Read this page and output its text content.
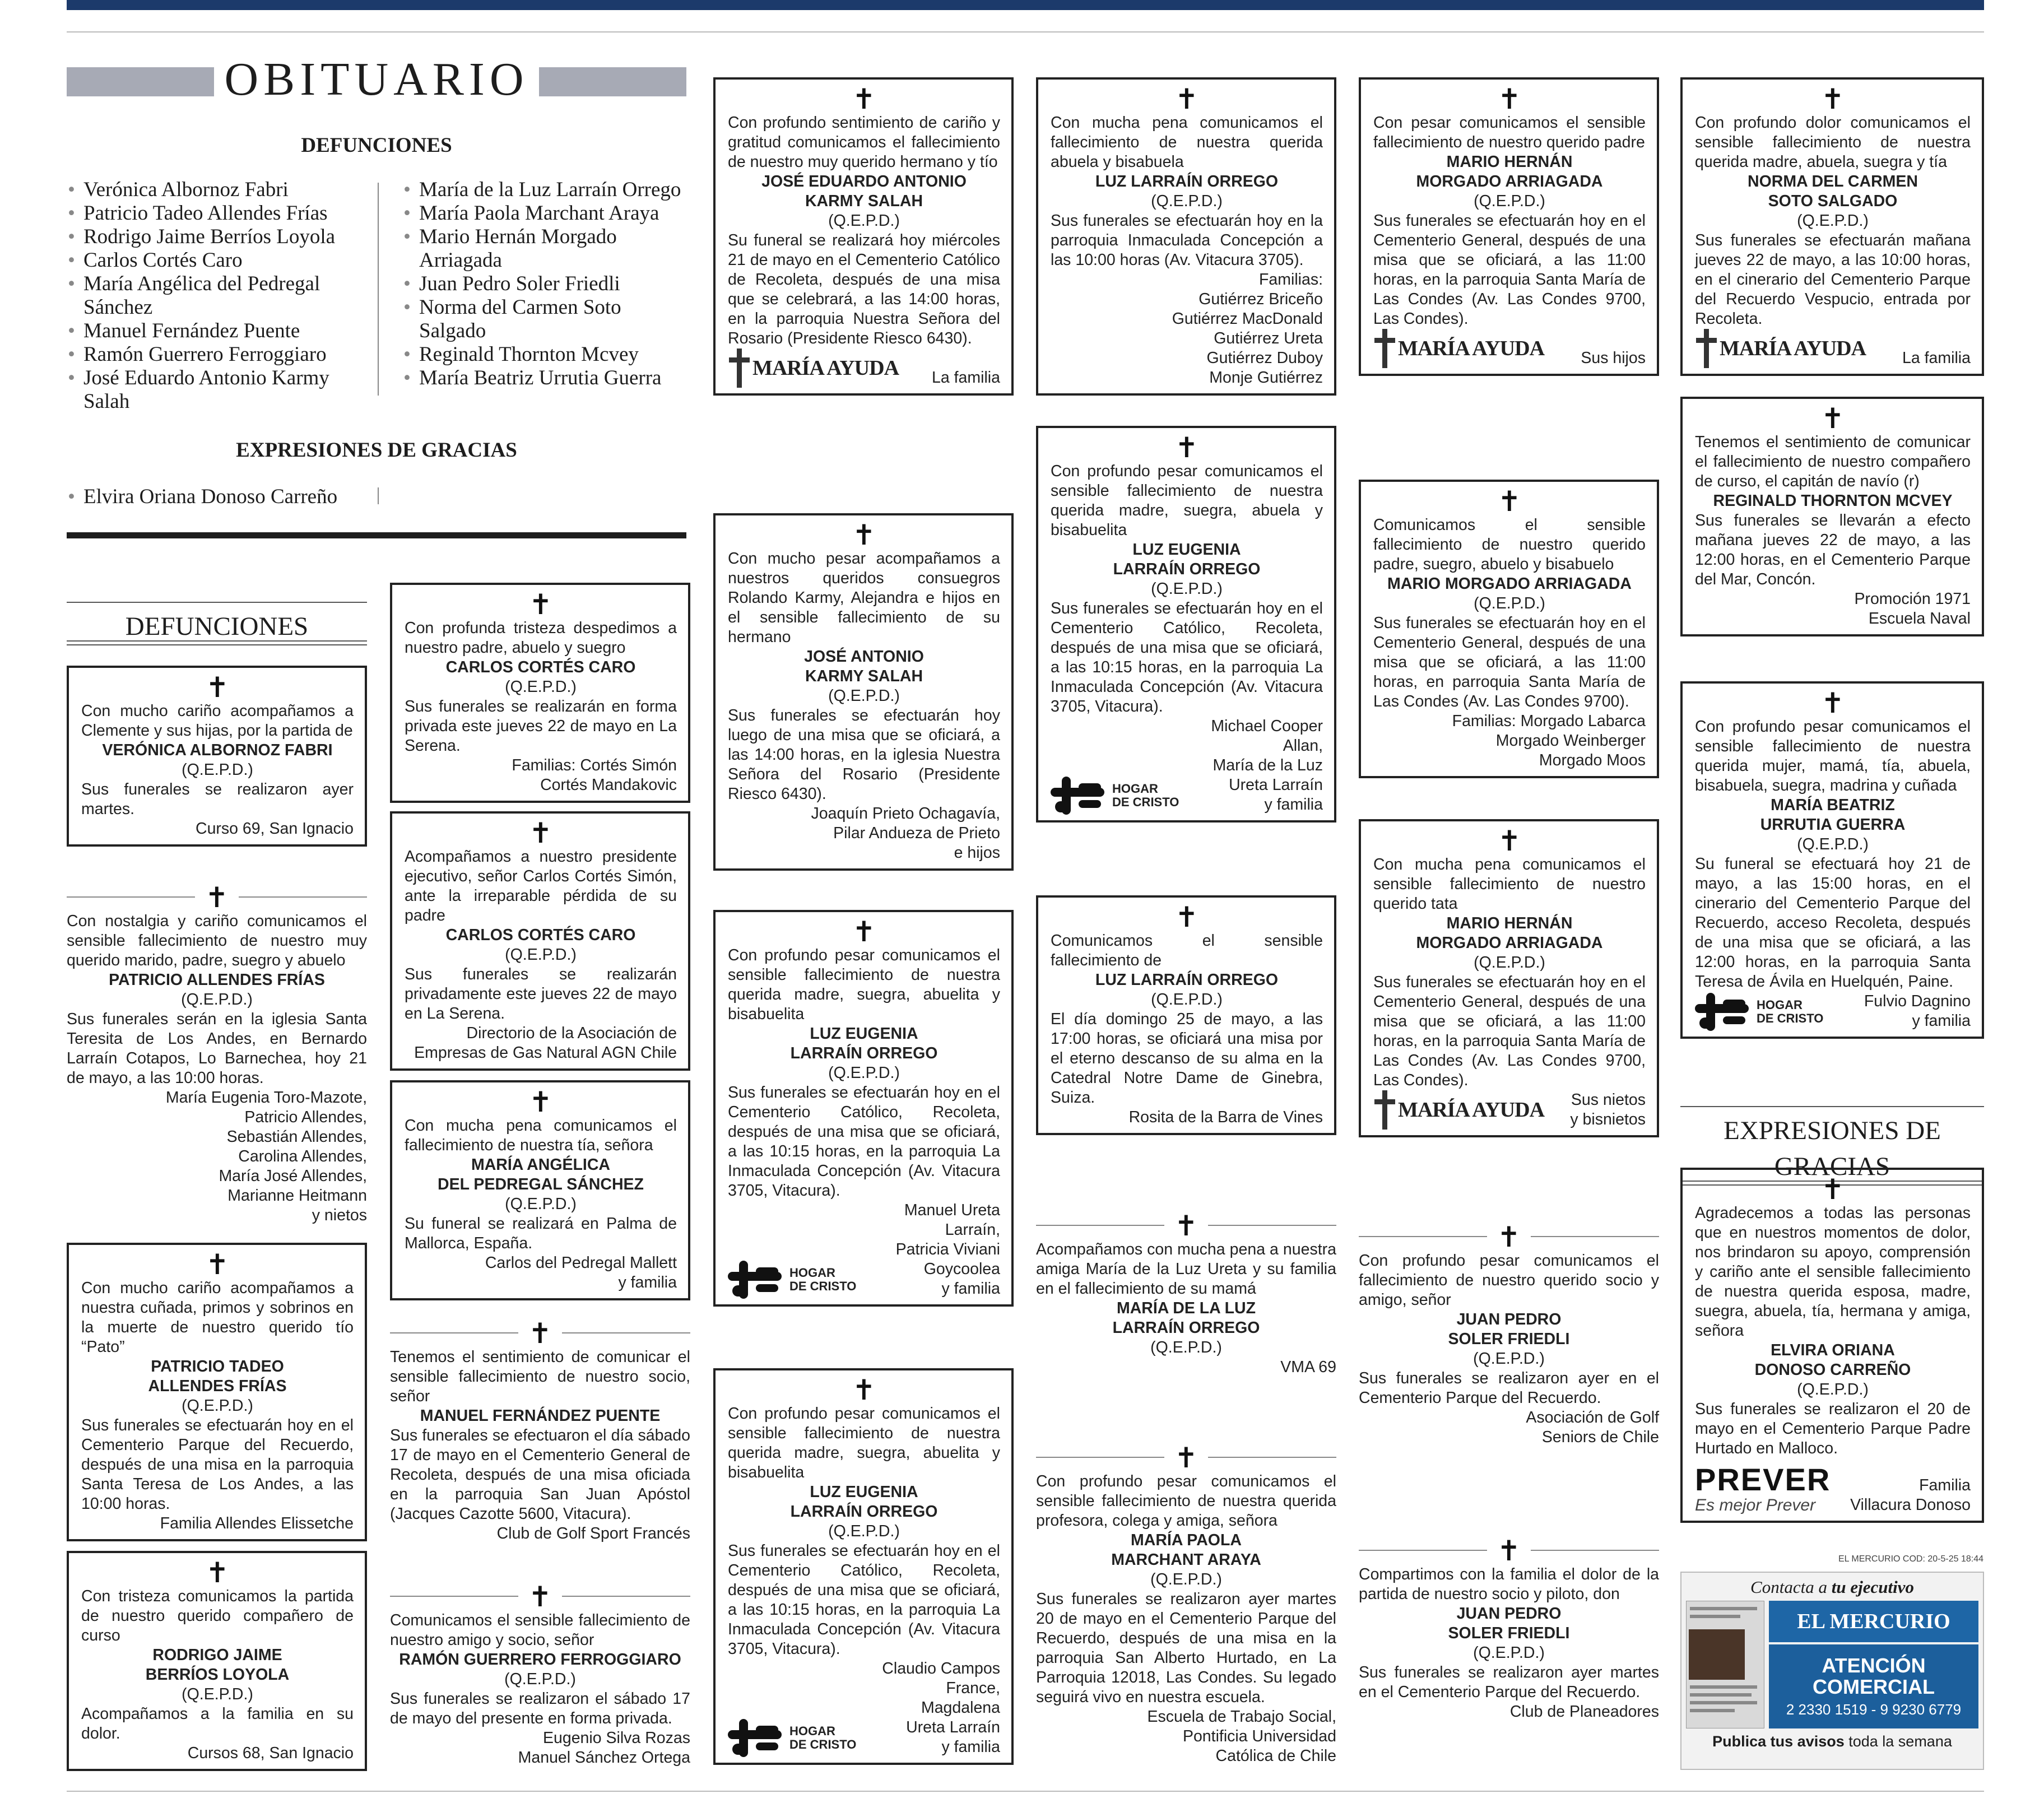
OBITUARIO
DEFUNCIONES
• Verónica Albornoz Fabri
• Patricio Tadeo Allendes Frías
• Rodrigo Jaime Berríos Loyola
• Carlos Cortés Caro
• María Angélica del Pedregal Sánchez
• Manuel Fernández Puente
• Ramón Guerrero Ferroggiaro
• José Eduardo Antonio Karmy Salah
• María de la Luz Larraín Orrego
• María Paola Marchant Araya
• Mario Hernán Morgado Arriagada
• Juan Pedro Soler Friedli
• Norma del Carmen Soto Salgado
• Reginald Thornton Mcvey
• María Beatriz Urrutia Guerra
EXPRESIONES DE GRACIAS
• Elvira Oriana Donoso Carreño
DEFUNCIONES
EXPRESIONES DE GRACIAS
✝
Con mucho cariño acompañamos a Clemente y sus hijas, por la partida de
VERÓNICA ALBORNOZ FABRI
(Q.E.P.D.)
Sus funerales se realizaron ayer martes.
Curso 69, San Ignacio
✝
Con nostalgia y cariño comunicamos el sensible fallecimiento de nuestro muy querido marido, padre, suegro y abuelo
PATRICIO ALLENDES FRÍAS
(Q.E.P.D.)
Sus funerales serán en la iglesia Santa Teresita de Los Andes, en Bernardo Larraín Cotapos, Lo Barnechea, hoy 21 de mayo, a las 10:00 horas.
María Eugenia Toro-Mazote,
Patricio Allendes,
Sebastián Allendes,
Carolina Allendes,
María José Allendes,
Marianne Heitmann
y nietos
✝
Con mucho cariño acompañamos a nuestra cuñada, primos y sobrinos en la muerte de nuestro querido tío “Pato”
PATRICIO TADEO
ALLENDES FRÍAS
(Q.E.P.D.)
Sus funerales se efectuarán hoy en el Cementerio Parque del Recuerdo, después de una misa en la parroquia Santa Teresa de Los Andes, a las 10:00 horas.
Familia Allendes Elissetche
✝
Con tristeza comunicamos la partida de nuestro querido compañero de curso
RODRIGO JAIME
BERRÍOS LOYOLA
(Q.E.P.D.)
Acompañamos a la familia en su dolor.
Cursos 68, San Ignacio
✝
Con profunda tristeza despedimos a nuestro padre, abuelo y suegro
CARLOS CORTÉS CARO
(Q.E.P.D.)
Sus funerales se realizarán en forma privada este jueves 22 de mayo en La Serena.
Familias: Cortés Simón
Cortés Mandakovic
✝
Acompañamos a nuestro presidente ejecutivo, señor Carlos Cortés Simón, ante la irreparable pérdida de su padre
CARLOS CORTÉS CARO
(Q.E.P.D.)
Sus funerales se realizarán privadamente este jueves 22 de mayo en La Serena.
Directorio de la Asociación de
Empresas de Gas Natural AGN Chile
✝
Con mucha pena comunicamos el fallecimiento de nuestra tía, señora
MARÍA ANGÉLICA
DEL PEDREGAL SÁNCHEZ
(Q.E.P.D.)
Su funeral se realizará en Palma de Mallorca, España.
Carlos del Pedregal Mallett
y familia
✝
Tenemos el sentimiento de comunicar el sensible fallecimiento de nuestro socio, señor
MANUEL FERNÁNDEZ PUENTE
Sus funerales se efectuaron el día sábado 17 de mayo en el Cementerio General de Recoleta, después de una misa oficiada en la parroquia San Juan Apóstol (Jacques Cazotte 5600, Vitacura).
Club de Golf Sport Francés
✝
Comunicamos el sensible fallecimiento de nuestro amigo y socio, señor
RAMÓN GUERRERO FERROGGIARO
(Q.E.P.D.)
Sus funerales se realizaron el sábado 17 de mayo del presente en forma privada.
Eugenio Silva Rozas
Manuel Sánchez Ortega
✝
Con profundo sentimiento de cariño y gratitud comunicamos el fallecimiento de nuestro muy querido hermano y tío
JOSÉ EDUARDO ANTONIO
KARMY SALAH
(Q.E.P.D.)
Su funeral se realizará hoy miércoles 21 de mayo en el Cementerio Católico de Recoleta, después de una misa que se celebrará, a las 14:00 horas, en la parroquia Nuestra Señora del Rosario (Presidente Riesco 6430).
MARÍA AYUDA La familia
✝
Con mucho pesar acompañamos a nuestros queridos consuegros Rolando Karmy, Alejandra e hijos en el sensible fallecimiento de su hermano
JOSÉ ANTONIO
KARMY SALAH
(Q.E.P.D.)
Sus funerales se efectuarán hoy luego de una misa que se oficiará, a las 14:00 horas, en la iglesia Nuestra Señora del Rosario (Presidente Riesco 6430).
Joaquín Prieto Ochagavía,
Pilar Andueza de Prieto
e hijos
✝
Con profundo pesar comunicamos el sensible fallecimiento de nuestra querida madre, suegra, abuelita y bisabuelita
LUZ EUGENIA
LARRAÍN ORREGO
(Q.E.P.D.)
Sus funerales se efectuarán hoy en el Cementerio Católico, Recoleta, después de una misa que se oficiará, a las 10:15 horas, en la parroquia La Inmaculada Concepción (Av. Vitacura 3705, Vitacura).
HOGAR
DE CRISTO
Manuel Ureta
Larraín,
Patricia Viviani
Goycoolea
y familia
✝
Con profundo pesar comunicamos el sensible fallecimiento de nuestra querida madre, suegra, abuelita y bisabuelita
LUZ EUGENIA
LARRAÍN ORREGO
(Q.E.P.D.)
Sus funerales se efectuarán hoy en el Cementerio Católico, Recoleta, después de una misa que se oficiará, a las 10:15 horas, en la parroquia La Inmaculada Concepción (Av. Vitacura 3705, Vitacura).
HOGAR
DE CRISTO
Claudio Campos
France,
Magdalena
Ureta Larraín
y familia
✝
Con mucha pena comunicamos el fallecimiento de nuestra querida abuela y bisabuela
LUZ LARRAÍN ORREGO
(Q.E.P.D.)
Sus funerales se efectuarán hoy en la parroquia Inmaculada Concepción a las 10:00 horas (Av. Vitacura 3705).
Familias:
Gutiérrez Briceño
Gutiérrez MacDonald
Gutiérrez Ureta
Gutiérrez Duboy
Monje Gutiérrez
✝
Con profundo pesar comunicamos el sensible fallecimiento de nuestra querida madre, suegra, abuela y bisabuelita
LUZ EUGENIA
LARRAÍN ORREGO
(Q.E.P.D.)
Sus funerales se efectuarán hoy en el Cementerio Católico, Recoleta, después de una misa que se oficiará, a las 10:15 horas, en la parroquia La Inmaculada Concepción (Av. Vitacura 3705, Vitacura).
HOGAR
DE CRISTO
Michael Cooper
Allan,
María de la Luz
Ureta Larraín
y familia
✝
Comunicamos el sensible fallecimiento de
LUZ LARRAÍN ORREGO
(Q.E.P.D.)
El día domingo 25 de mayo, a las 17:00 horas, se oficiará una misa por el eterno descanso de su alma en la Catedral Notre Dame de Ginebra, Suiza.
Rosita de la Barra de Vines
✝
Acompañamos con mucha pena a nuestra amiga María de la Luz Ureta y su familia en el fallecimiento de su mamá
MARÍA DE LA LUZ
LARRAÍN ORREGO
(Q.E.P.D.)
VMA 69
✝
Con profundo pesar comunicamos el sensible fallecimiento de nuestra querida profesora, colega y amiga, señora
MARÍA PAOLA
MARCHANT ARAYA
(Q.E.P.D.)
Sus funerales se realizaron ayer martes 20 de mayo en el Cementerio Parque del Recuerdo, después de una misa en la parroquia San Alberto Hurtado, en La Parroquia 12018, Las Condes. Su legado seguirá vivo en nuestra escuela.
Escuela de Trabajo Social,
Pontificia Universidad
Católica de Chile
✝
Con pesar comunicamos el sensible fallecimiento de nuestro querido padre
MARIO HERNÁN
MORGADO ARRIAGADA
(Q.E.P.D.)
Sus funerales se efectuarán hoy en el Cementerio General, después de una misa que se oficiará, a las 11:00 horas, en la parroquia Santa María de Las Condes (Av. Las Condes 9700, Las Condes).
MARÍA AYUDA Sus hijos
✝
Comunicamos el sensible fallecimiento de nuestro querido padre, suegro, abuelo y bisabuelo
MARIO MORGADO ARRIAGADA
(Q.E.P.D.)
Sus funerales se efectuarán hoy en el Cementerio General, después de una misa que se oficiará, a las 11:00 horas, en parroquia Santa María de Las Condes (Av. Las Condes 9700).
Familias: Morgado Labarca
Morgado Weinberger
Morgado Moos
✝
Con mucha pena comunicamos el sensible fallecimiento de nuestro querido tata
MARIO HERNÁN
MORGADO ARRIAGADA
(Q.E.P.D.)
Sus funerales se efectuarán hoy en el Cementerio General, después de una misa que se oficiará, a las 11:00 horas, en la parroquia Santa María de Las Condes (Av. Las Condes 9700, Las Condes).
MARÍA AYUDA Sus nietos
y bisnietos
✝
Con profundo pesar comunicamos el fallecimiento de nuestro querido socio y amigo, señor
JUAN PEDRO
SOLER FRIEDLI
(Q.E.P.D.)
Sus funerales se realizaron ayer en el Cementerio Parque del Recuerdo.
Asociación de Golf
Seniors de Chile
✝
Compartimos con la familia el dolor de la partida de nuestro socio y piloto, don
JUAN PEDRO
SOLER FRIEDLI
(Q.E.P.D.)
Sus funerales se realizaron ayer martes en el Cementerio Parque del Recuerdo.
Club de Planeadores
✝
Con profundo dolor comunicamos el sensible fallecimiento de nuestra querida madre, abuela, suegra y tía
NORMA DEL CARMEN
SOTO SALGADO
(Q.E.P.D.)
Sus funerales se efectuarán mañana jueves 22 de mayo, a las 10:00 horas, en el cinerario del Cementerio Parque del Recuerdo Vespucio, entrada por Recoleta.
MARÍA AYUDA La familia
✝
Tenemos el sentimiento de comunicar el fallecimiento de nuestro compañero de curso, el capitán de navío (r)
REGINALD THORNTON MCVEY
Sus funerales se llevarán a efecto mañana jueves 22 de mayo, a las 12:00 horas, en el Cementerio Parque del Mar, Concón.
Promoción 1971
Escuela Naval
✝
Con profundo pesar comunicamos el sensible fallecimiento de nuestra querida mujer, mamá, tía, abuela, bisabuela, suegra, madrina y cuñada
MARÍA BEATRIZ
URRUTIA GUERRA
(Q.E.P.D.)
Su funeral se efectuará hoy 21 de mayo, a las 15:00 horas, en el cinerario del Cementerio Parque del Recuerdo, acceso Recoleta, después de una misa que se oficiará, a las 12:00 horas, en la parroquia Santa Teresa de Ávila en Huelquén, Paine.
HOGAR
DE CRISTO
Fulvio Dagnino
y familia
✝
Agradecemos a todas las personas que en nuestros momentos de dolor, nos brindaron su apoyo, comprensión y cariño ante el sensible fallecimiento de nuestra querida esposa, madre, suegra, abuela, tía, hermana y amiga, señora
ELVIRA ORIANA
DONOSO CARREÑO
(Q.E.P.D.)
Sus funerales se realizaron el 20 de mayo en el Cementerio Parque Padre Hurtado en Malloco.
PREVER
Es mejor Prever
Familia
Villacura Donoso
EL MERCURIO COD: 20-5-25 18:44
Contacta a tu ejecutivo
EL MERCURIO
ATENCIÓN
COMERCIAL
2 2330 1519 - 9 9230 6779
Publica tus avisos toda la semana
